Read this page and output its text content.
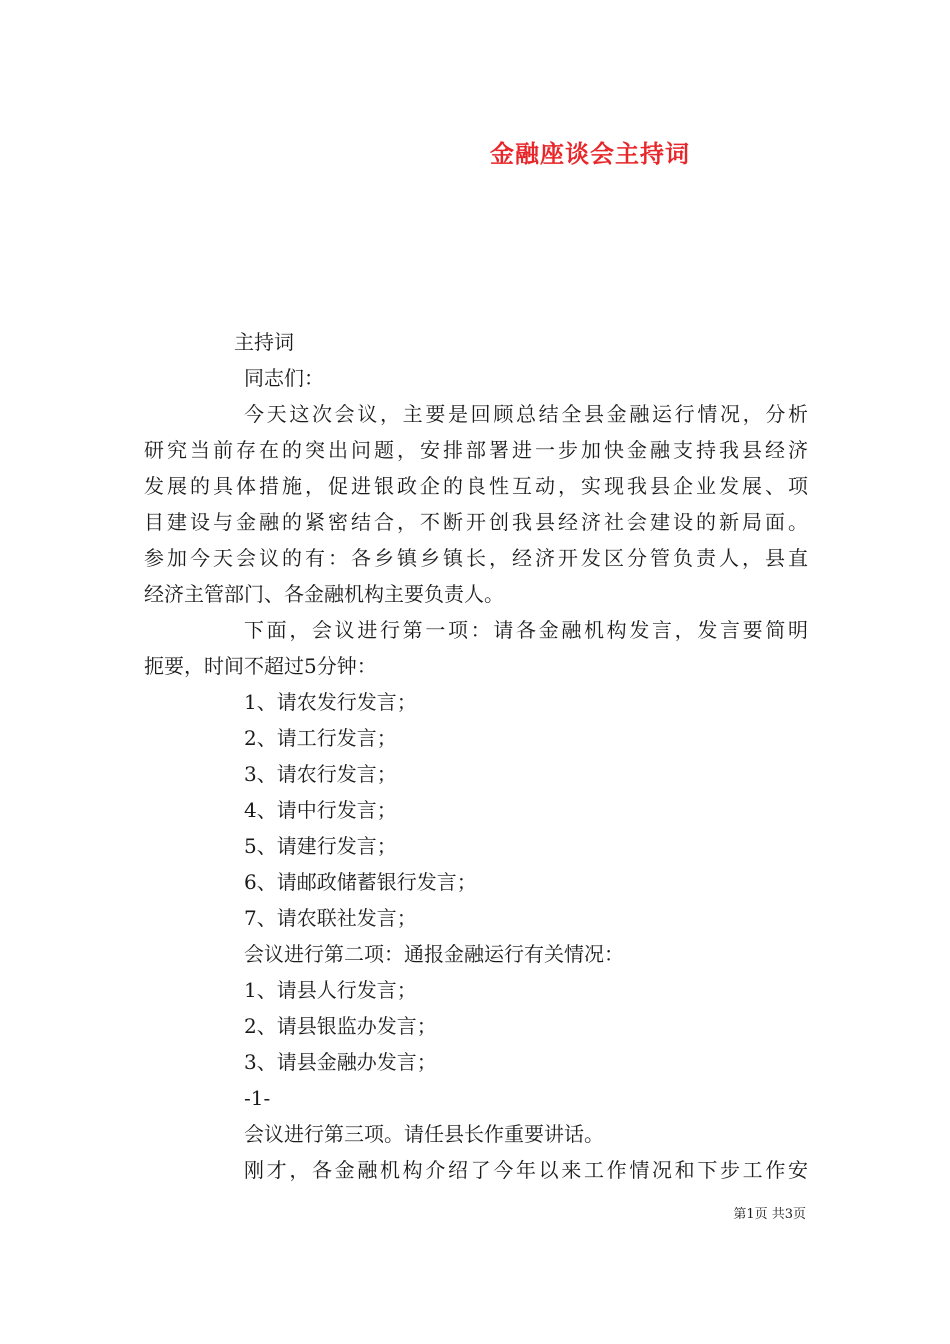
金融座谈会主持词
主持词
同志们：
今天这次会议，主要是回顾总结全县金融运行情况，分析
研究当前存在的突出问题，安排部署进一步加快金融支持我县经济
发展的具体措施，促进银政企的良性互动，实现我县企业发展、项
目建设与金融的紧密结合，不断开创我县经济社会建设的新局面。
参加今天会议的有：各乡镇乡镇长，经济开发区分管负责人，县直
经济主管部门、各金融机构主要负责人。
下面，会议进行第一项：请各金融机构发言，发言要简明
扼要，时间不超过5分钟：
1、请农发行发言；
2、请工行发言；
3、请农行发言；
4、请中行发言；
5、请建行发言；
6、请邮政储蓄银行发言；
7、请农联社发言；
会议进行第二项：通报金融运行有关情况：
1、请县人行发言；
2、请县银监办发言；
3、请县金融办发言；
-1-
会议进行第三项。请任县长作重要讲话。
刚才，各金融机构介绍了今年以来工作情况和下步工作安
第1页 共3页
